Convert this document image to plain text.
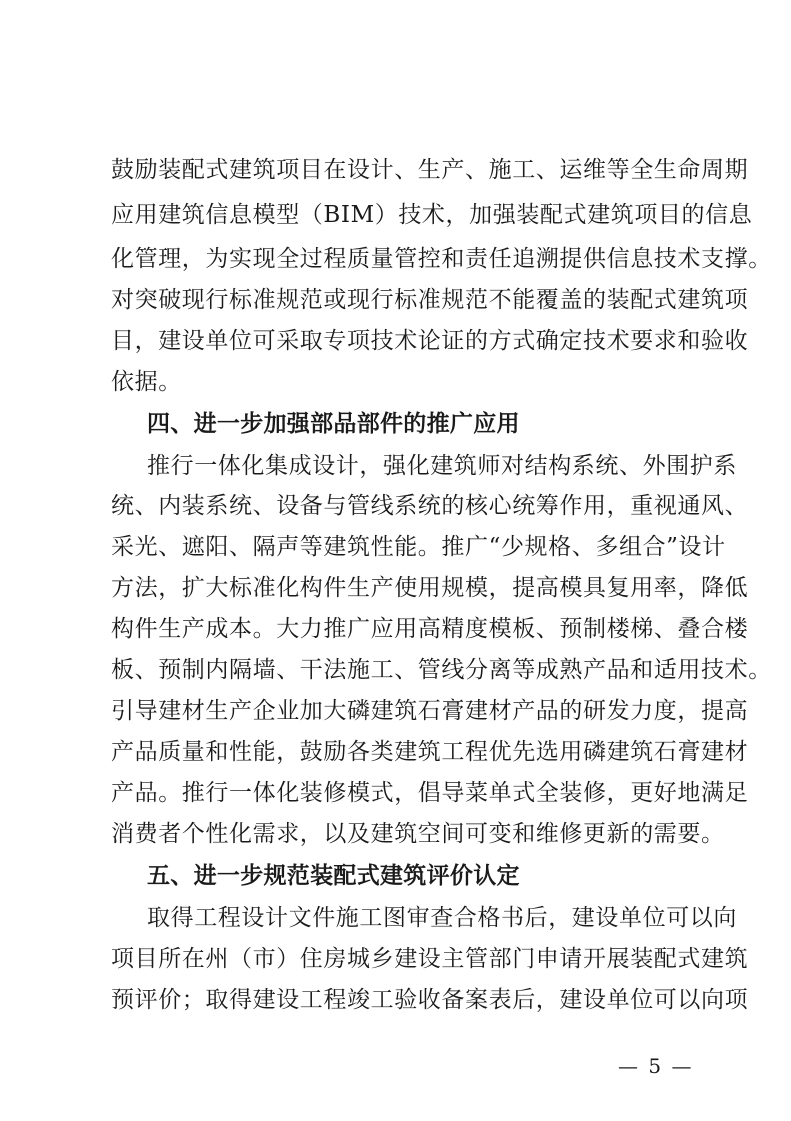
鼓励装配式建筑项目在设计、生产、施工、运维等全生命周期
应用建筑信息模型（BIM）技术，加强装配式建筑项目的信息
化管理，为实现全过程质量管控和责任追溯提供信息技术支撑。
对突破现行标准规范或现行标准规范不能覆盖的装配式建筑项
目，建设单位可采取专项技术论证的方式确定技术要求和验收
依据。
四、进一步加强部品部件的推广应用
推行一体化集成设计，强化建筑师对结构系统、外围护系
统、内装系统、设备与管线系统的核心统筹作用，重视通风、
采光、遮阳、隔声等建筑性能。推广“少规格、多组合”设计
方法，扩大标准化构件生产使用规模，提高模具复用率，降低
构件生产成本。大力推广应用高精度模板、预制楼梯、叠合楼
板、预制内隔墙、干法施工、管线分离等成熟产品和适用技术。
引导建材生产企业加大磷建筑石膏建材产品的研发力度，提高
产品质量和性能，鼓励各类建筑工程优先选用磷建筑石膏建材
产品。推行一体化装修模式，倡导菜单式全装修，更好地满足
消费者个性化需求，以及建筑空间可变和维修更新的需要。
五、进一步规范装配式建筑评价认定
取得工程设计文件施工图审查合格书后，建设单位可以向
项目所在州（市）住房城乡建设主管部门申请开展装配式建筑
预评价；取得建设工程竣工验收备案表后，建设单位可以向项
— 5 —
